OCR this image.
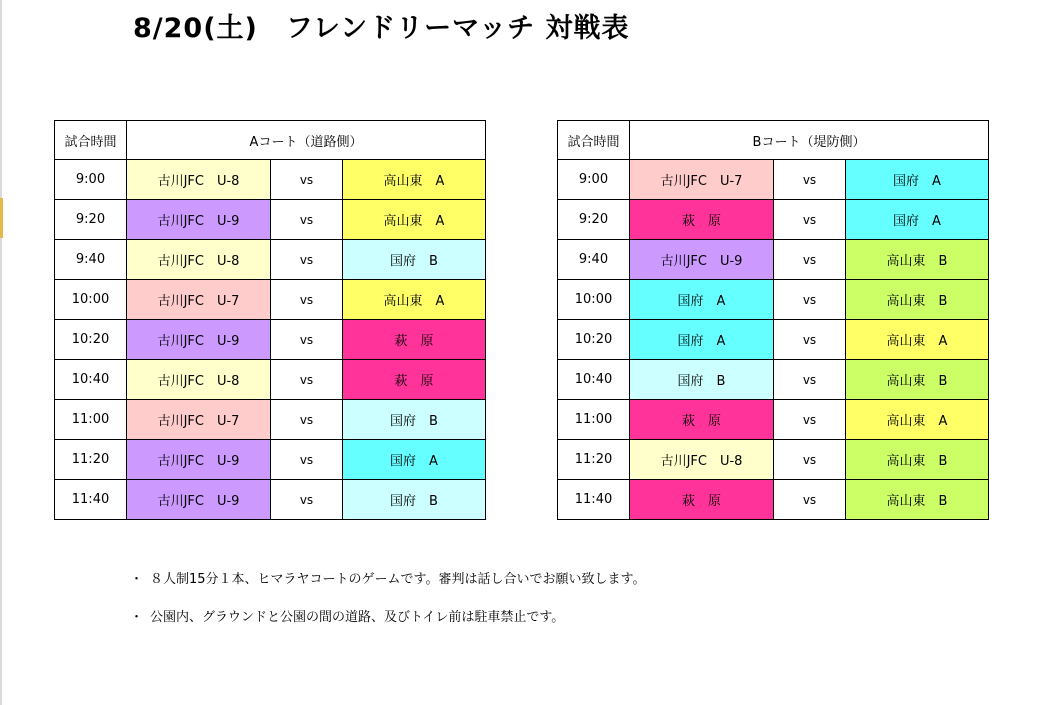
8/20(土)　フレンドリーマッチ 対戦表
試合時間	Aコート（道路側）		
9:00	古川JFC　U-8	vs	高山東　A
9:20	古川JFC　U-9	vs	高山東　A
9:40	古川JFC　U-8	vs	国府　B
10:00	古川JFC　U-7	vs	高山東　A
10:20	古川JFC　U-9	vs	萩　原
10:40	古川JFC　U-8	vs	萩　原
11:00	古川JFC　U-7	vs	国府　B
11:20	古川JFC　U-9	vs	国府　A
11:40	古川JFC　U-9	vs	国府　B
試合時間	Bコート（堤防側）		
9:00	古川JFC　U-7	vs	国府　A
9:20	萩　原	vs	国府　A
9:40	古川JFC　U-9	vs	高山東　B
10:00	国府　A	vs	高山東　B
10:20	国府　A	vs	高山東　A
10:40	国府　B	vs	高山東　B
11:00	萩　原	vs	高山東　A
11:20	古川JFC　U-8	vs	高山東　B
11:40	萩　原	vs	高山東　B
・ ８人制15分１本、ヒマラヤコートのゲームです。審判は話し合いでお願い致します。
・ 公園内、グラウンドと公園の間の道路、及びトイレ前は駐車禁止です。
